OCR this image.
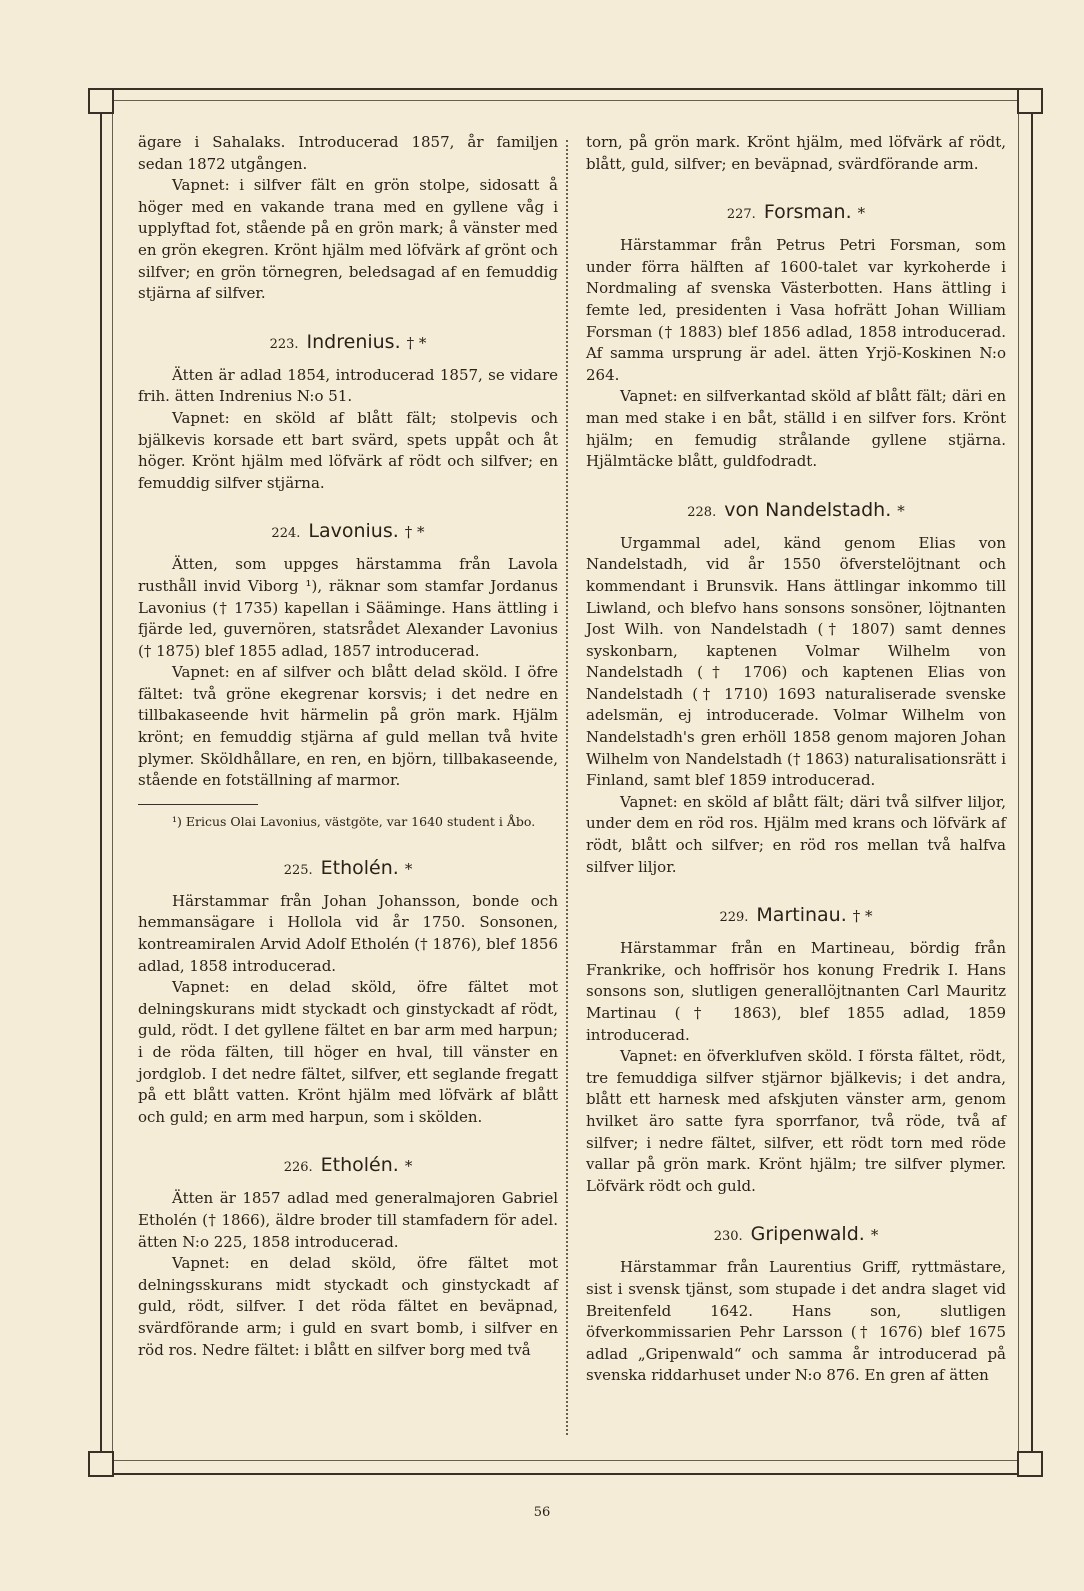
ägare i Sahalaks. Introducerad 1857, år familjen sedan 1872 utgången.

Vapnet: i silfver fält en grön stolpe, sidosatt å höger med en vakande trana med en gyllene våg i upplyftad fot, stående på en grön mark; å vänster med en grön ekegren. Krönt hjälm med löfvärk af grönt och silfver; en grön törnegren, beledsagad af en femuddig stjärna af silfver.

223. Indrenius. † *

Ätten är adlad 1854, introducerad 1857, se vidare frih. ätten Indrenius N:o 51.

Vapnet: en sköld af blått fält; stolpevis och bjälkevis korsade ett bart svärd, spets uppåt och åt höger. Krönt hjälm med löfvärk af rödt och silfver; en femuddig silfver stjärna.

224. Lavonius. † *

Ätten, som uppges härstamma från Lavola rusthåll invid Viborg ¹), räknar som stamfar Jordanus Lavonius († 1735) kapellan i Sääminge. Hans ättling i fjärde led, guvernören, statsrådet Alexander Lavonius († 1875) blef 1855 adlad, 1857 introducerad.

Vapnet: en af silfver och blått delad sköld. I öfre fältet: två gröne ekegrenar korsvis; i det nedre en tillbakaseende hvit härmelin på grön mark. Hjälm krönt; en femuddig stjärna af guld mellan två hvite plymer. Sköldhållare, en ren, en björn, tillbakaseende, stående en fotställning af marmor.

¹) Ericus Olai Lavonius, västgöte, var 1640 student i Åbo.

225. Etholén. *

Härstammar från Johan Johansson, bonde och hemmansägare i Hollola vid år 1750. Sonsonen, kontreamiralen Arvid Adolf Etholén († 1876), blef 1856 adlad, 1858 introducerad.

Vapnet: en delad sköld, öfre fältet mot delningskurans midt styckadt och ginstyckadt af rödt, guld, rödt. I det gyllene fältet en bar arm med harpun; i de röda fälten, till höger en hval, till vänster en jordglob. I det nedre fältet, silfver, ett seglande fregatt på ett blått vatten. Krönt hjälm med löfvärk af blått och guld; en arm med harpun, som i skölden.

226. Etholén. *

Ätten är 1857 adlad med generalmajoren Gabriel Etholén († 1866), äldre broder till stamfadern för adel. ätten N:o 225, 1858 introducerad.

Vapnet: en delad sköld, öfre fältet mot delningsskurans midt styckadt och ginstyckadt af guld, rödt, silfver. I det röda fältet en beväpnad, svärdförande arm; i guld en svart bomb, i silfver en röd ros. Nedre fältet: i blått en silfver borg med två

torn, på grön mark. Krönt hjälm, med löfvärk af rödt, blått, guld, silfver; en beväpnad, svärdförande arm.

227. Forsman. *

Härstammar från Petrus Petri Forsman, som under förra hälften af 1600-talet var kyrkoherde i Nordmaling af svenska Västerbotten. Hans ättling i femte led, presidenten i Vasa hofrätt Johan William Forsman († 1883) blef 1856 adlad, 1858 introducerad. Af samma ursprung är adel. ätten Yrjö-Koskinen N:o 264.

Vapnet: en silfverkantad sköld af blått fält; däri en man med stake i en båt, ställd i en silfver fors. Krönt hjälm; en femudig strålande gyllene stjärna. Hjälmtäcke blått, guldfodradt.

228. von Nandelstadh. *

Urgammal adel, känd genom Elias von Nandelstadh, vid år 1550 öfverstelöjtnant och kommendant i Brunsvik. Hans ättlingar inkommo till Liwland, och blefvo hans sonsons sonsöner, löjtnanten Jost Wilh. von Nandelstadh († 1807) samt dennes syskonbarn, kaptenen Volmar Wilhelm von Nandelstadh († 1706) och kaptenen Elias von Nandelstadh († 1710) 1693 naturaliserade svenske adelsmän, ej introducerade. Volmar Wilhelm von Nandelstadh's gren erhöll 1858 genom majoren Johan Wilhelm von Nandelstadh († 1863) naturalisationsrätt i Finland, samt blef 1859 introducerad.

Vapnet: en sköld af blått fält; däri två silfver liljor, under dem en röd ros. Hjälm med krans och löfvärk af rödt, blått och silfver; en röd ros mellan två halfva silfver liljor.

229. Martinau. † *

Härstammar från en Martineau, bördig från Frankrike, och hoffrisör hos konung Fredrik I. Hans sonsons son, slutligen generallöjtnanten Carl Mauritz Martinau († 1863), blef 1855 adlad, 1859 introducerad.

Vapnet: en öfverklufven sköld. I första fältet, rödt, tre femuddiga silfver stjärnor bjälkevis; i det andra, blått ett harnesk med afskjuten vänster arm, genom hvilket äro satte fyra sporrfanor, två röde, två af silfver; i nedre fältet, silfver, ett rödt torn med röde vallar på grön mark. Krönt hjälm; tre silfver plymer. Löfvärk rödt och guld.

230. Gripenwald. *

Härstammar från Laurentius Griff, ryttmästare, sist i svensk tjänst, som stupade i det andra slaget vid Breitenfeld 1642. Hans son, slutligen öfverkommissarien Pehr Larsson († 1676) blef 1675 adlad „Gripenwald“ och samma år introducerad på svenska riddarhuset under N:o 876. En gren af ätten

56
